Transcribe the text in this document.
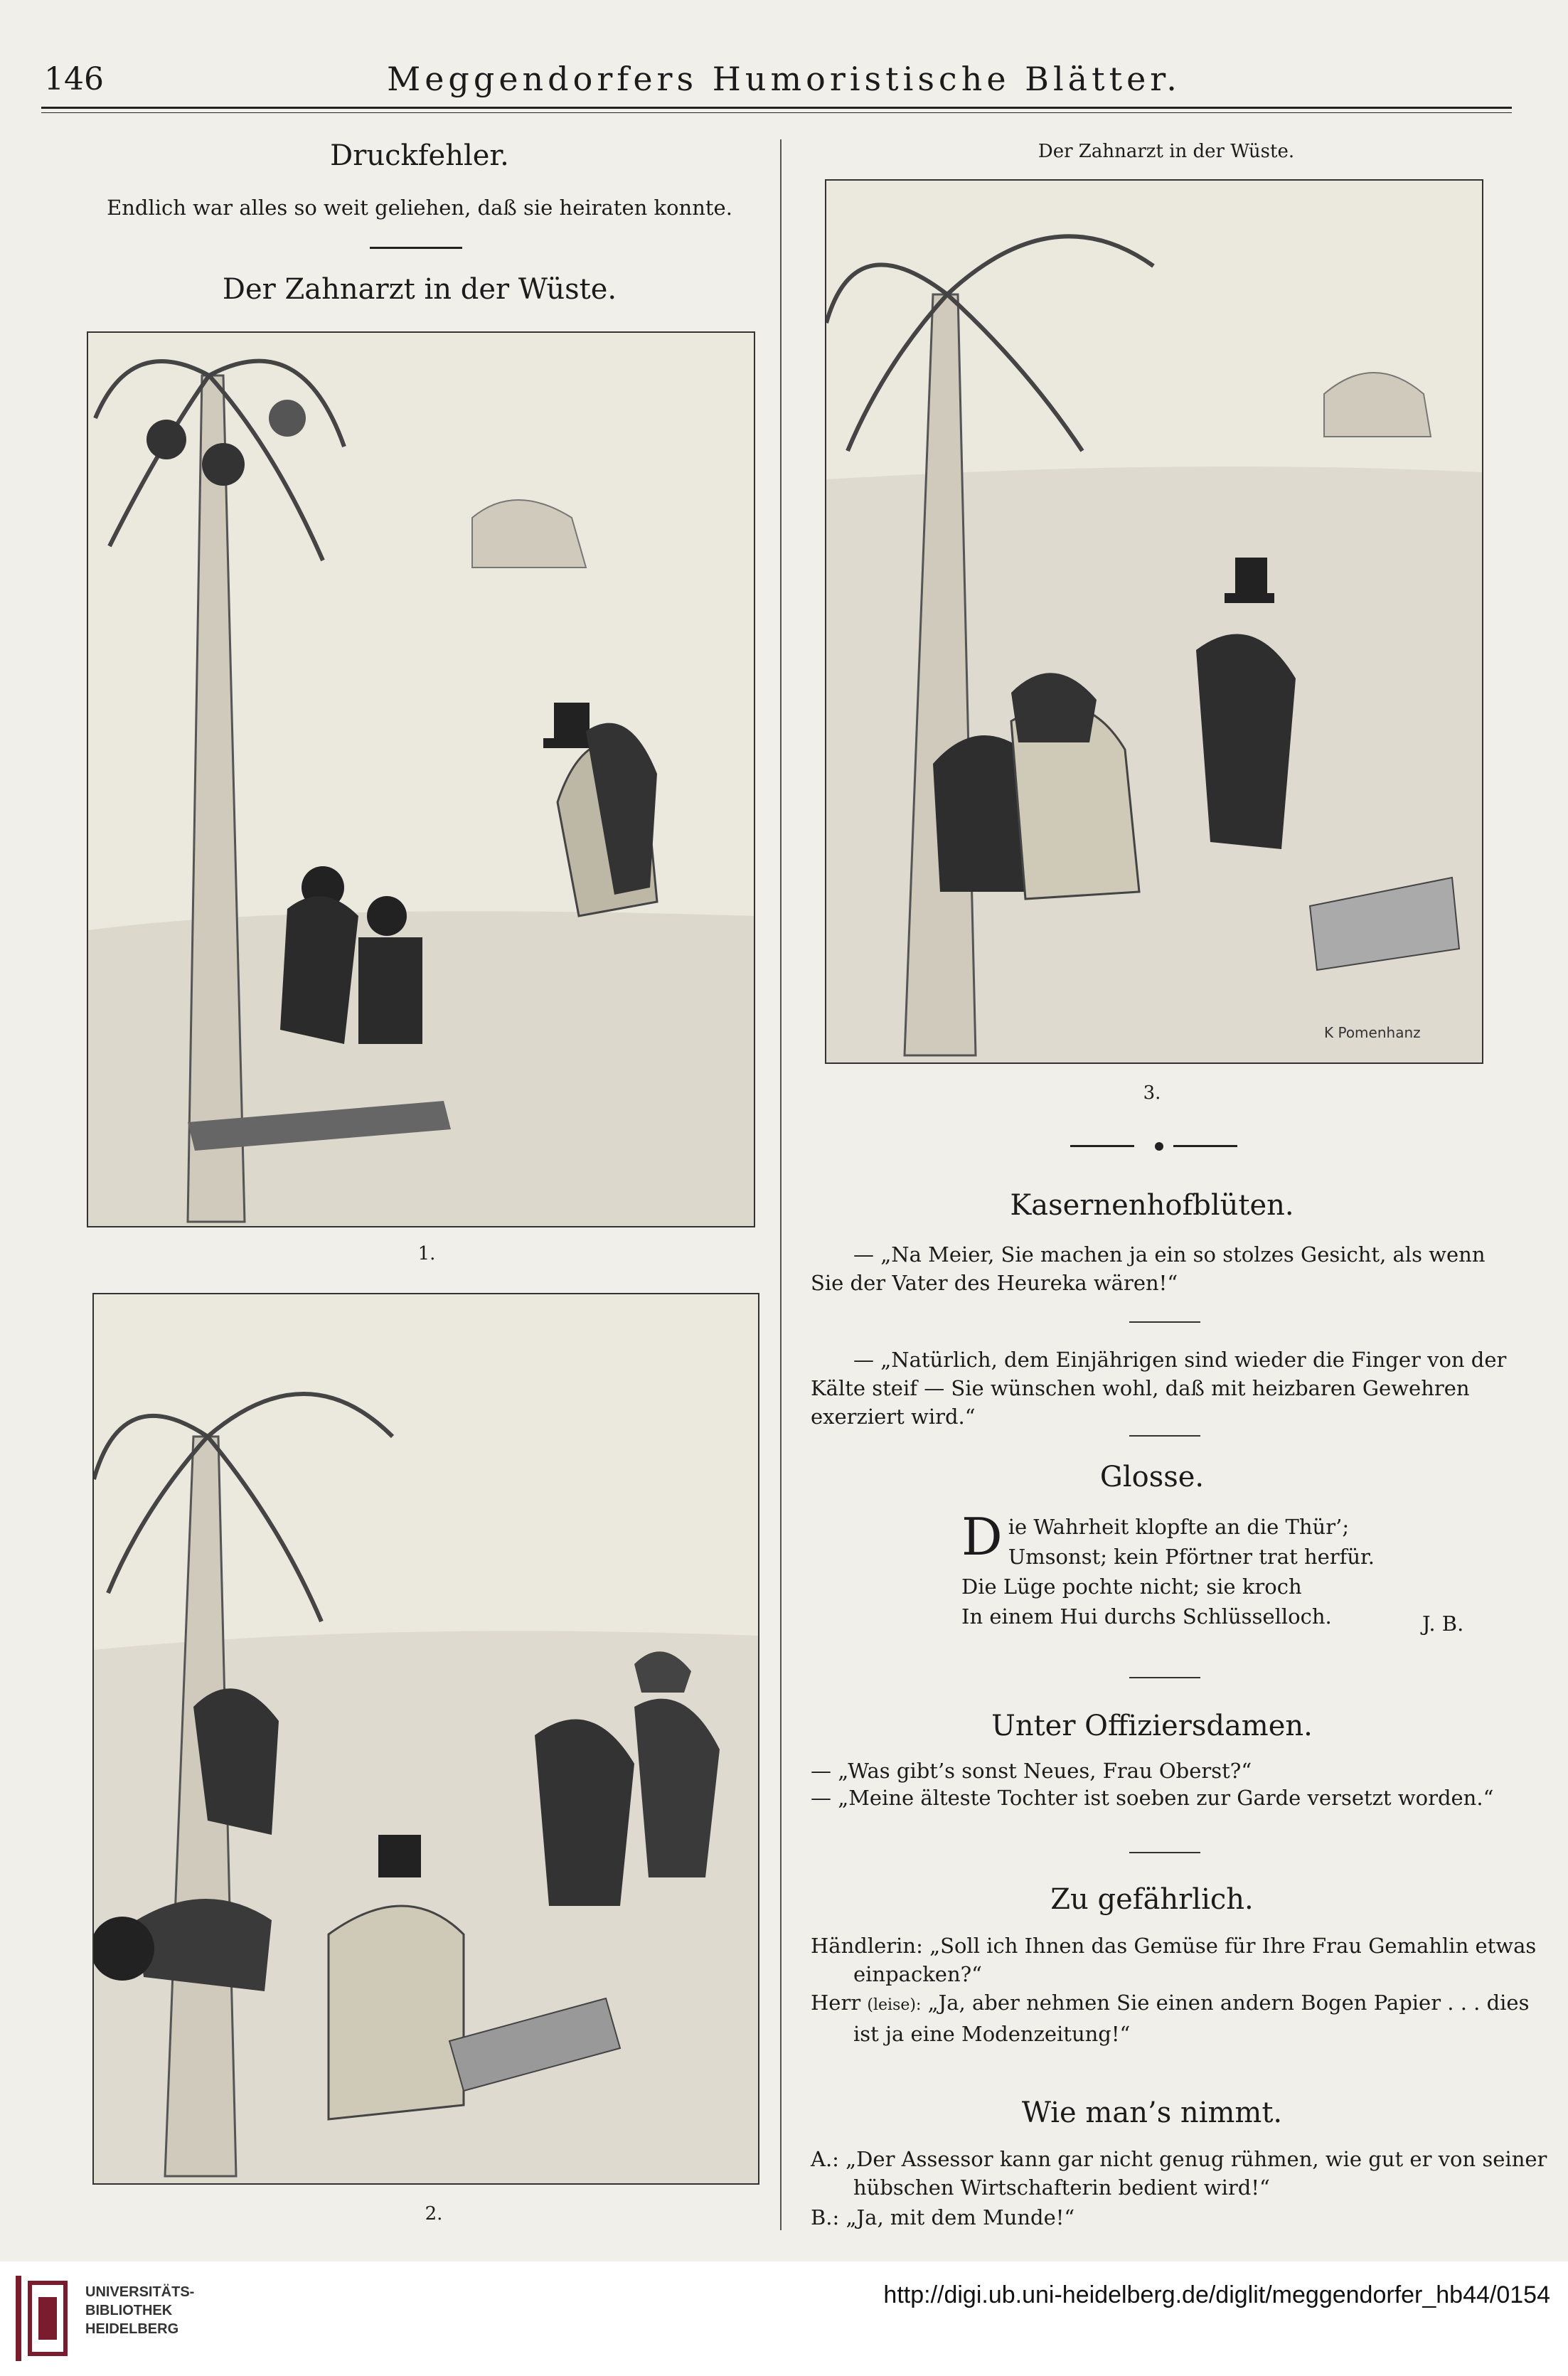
146	Meggendorfers Humoristische Blätter.
Druckfehler.
Endlich war alles so weit geliehen, daß sie heiraten konnte.
Der Zahnarzt in der Wüste.
1.
2.
Der Zahnarzt in der Wüste.
K Pomenhanz
3.
Kasernenhofblüten.
— „Na Meier, Sie machen ja ein so stolzes Gesicht, als wenn Sie der Vater des Heureka wären!“
— „Natürlich, dem Einjährigen sind wieder die Finger von der Kälte steif — Sie wünschen wohl, daß mit heizbaren Gewehren exerziert wird.“
Glosse.
D ie Wahrheit klopfte an die Thür’;
Umsonst; kein Pförtner trat herfür.
Die Lüge pochte nicht; sie kroch
In einem Hui durchs Schlüsselloch.	J. B.
Unter Offiziersdamen.
— „Was gibt’s sonst Neues, Frau Oberst?“
— „Meine älteste Tochter ist soeben zur Garde versetzt worden.“
Zu gefährlich.
Händlerin: „Soll ich Ihnen das Gemüse für Ihre Frau Gemahlin etwas einpacken?“
Herr (leise): „Ja, aber nehmen Sie einen andern Bogen Papier . . . dies ist ja eine Modenzeitung!“
Wie man’s nimmt.
A.: „Der Assessor kann gar nicht genug rühmen, wie gut er von seiner hübschen Wirtschafterin bedient wird!“
B.: „Ja, mit dem Munde!“
UNIVERSITÄTS-
BIBLIOTHEK
HEIDELBERG
http://digi.ub.uni-heidelberg.de/diglit/meggendorfer_hb44/0154
